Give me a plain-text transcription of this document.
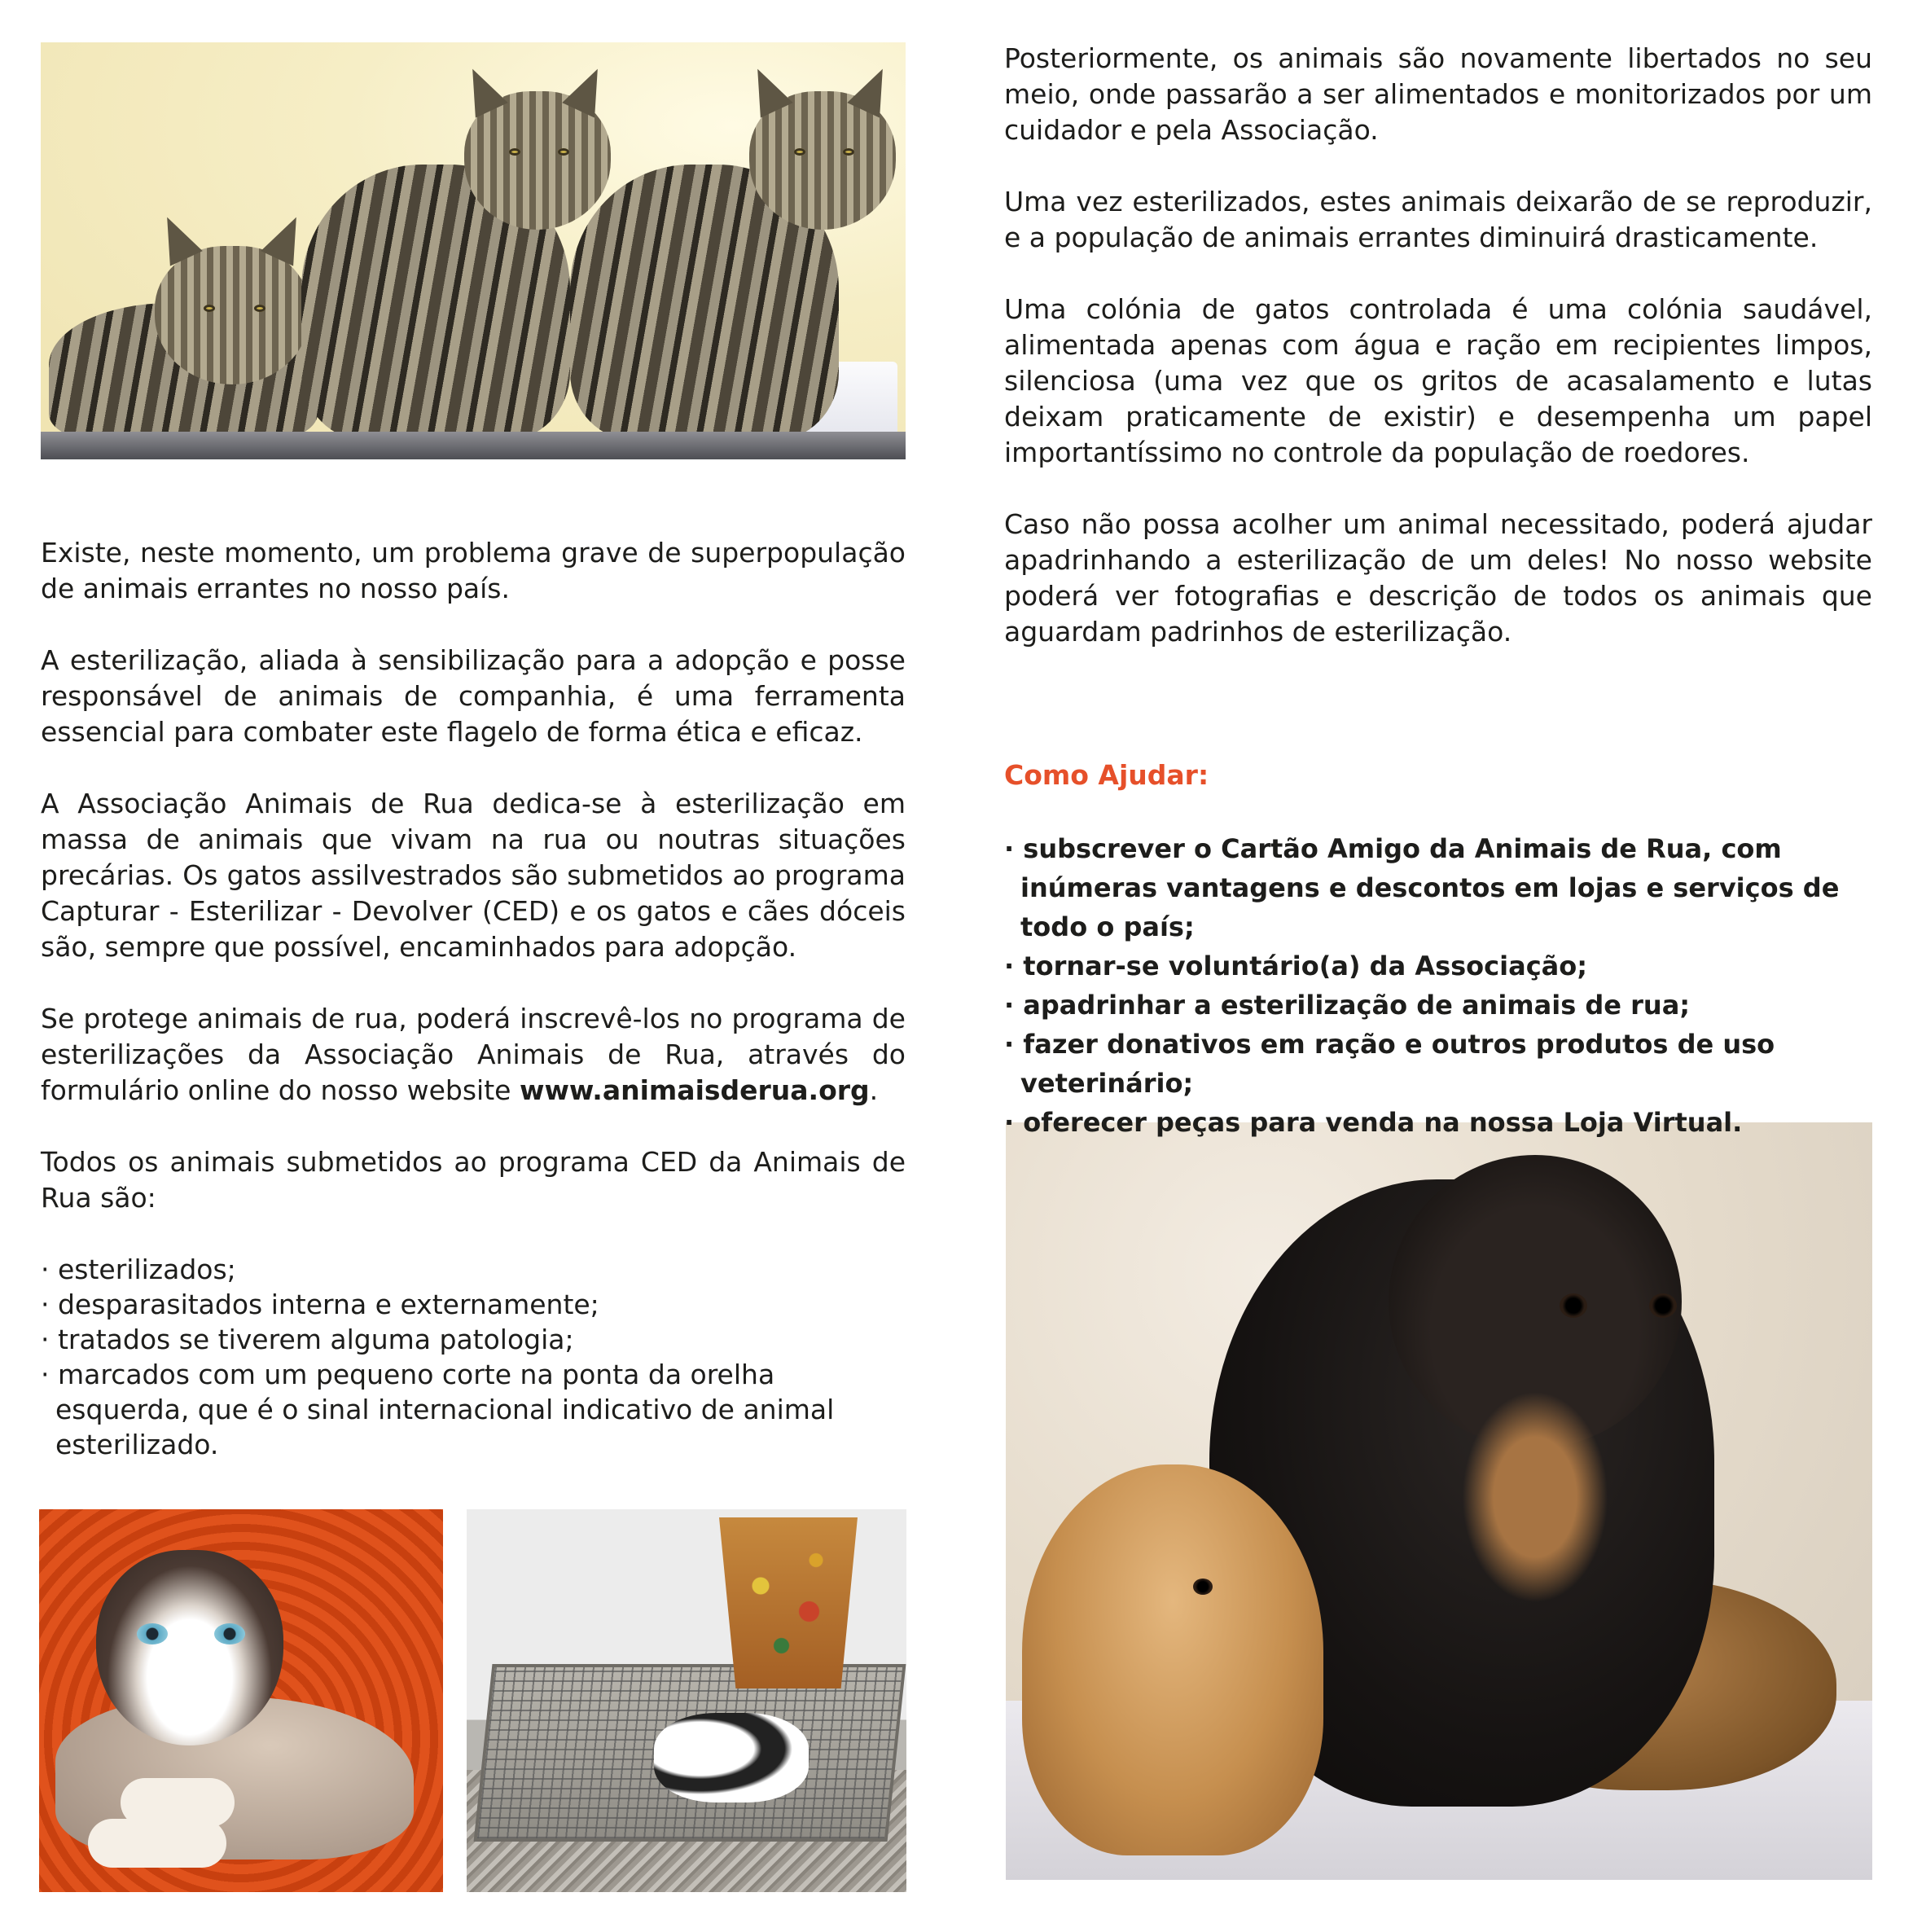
Existe, neste momento, um problema grave de superpopulação de animais errantes no nosso país.

A esterilização, aliada à sensibilização para a adopção e posse responsável de animais de companhia, é uma ferramenta essencial para combater este flagelo de forma ética e eficaz.

A Associação Animais de Rua dedica-se à esterilização em massa de animais que vivam na rua ou noutras situações precárias. Os gatos assilvestrados são submetidos ao programa Capturar - Esterilizar - Devolver (CED) e os gatos e cães dóceis são, sempre que possível, encaminhados para adopção.

Se protege animais de rua, poderá inscrevê-los no programa de esterilizações da Associação Animais de Rua, através do formulário online do nosso website www.animaisderua.org.

Todos os animais submetidos ao programa CED da Animais de Rua são:

· esterilizados;
· desparasitados interna e externamente;
· tratados se tiverem alguma patologia;
· marcados com um pequeno corte na ponta da orelha esquerda, que é o sinal internacional indicativo de animal esterilizado.

Posteriormente, os animais são novamente libertados no seu meio, onde passarão a ser alimentados e monitorizados por um cuidador e pela Associação.

Uma vez esterilizados, estes animais deixarão de se reproduzir, e a população de animais errantes diminuirá drasticamente.

Uma colónia de gatos controlada é uma colónia saudável, alimentada apenas com água e ração em recipientes limpos, silenciosa (uma vez que os gritos de acasalamento e lutas deixam praticamente de existir) e desempenha um papel importantíssimo no controle da população de roedores.

Caso não possa acolher um animal necessitado, poderá ajudar apadrinhando a esterilização de um deles! No nosso website poderá ver fotografias e descrição de todos os animais que aguardam padrinhos de esterilização.

Como Ajudar:
· subscrever o Cartão Amigo da Animais de Rua, com inúmeras vantagens e descontos em lojas e serviços de todo o país;
· tornar-se voluntário(a) da Associação;
· apadrinhar a esterilização de animais de rua;
· fazer donativos em ração e outros produtos de uso veterinário;
· oferecer peças para venda na nossa Loja Virtual.
